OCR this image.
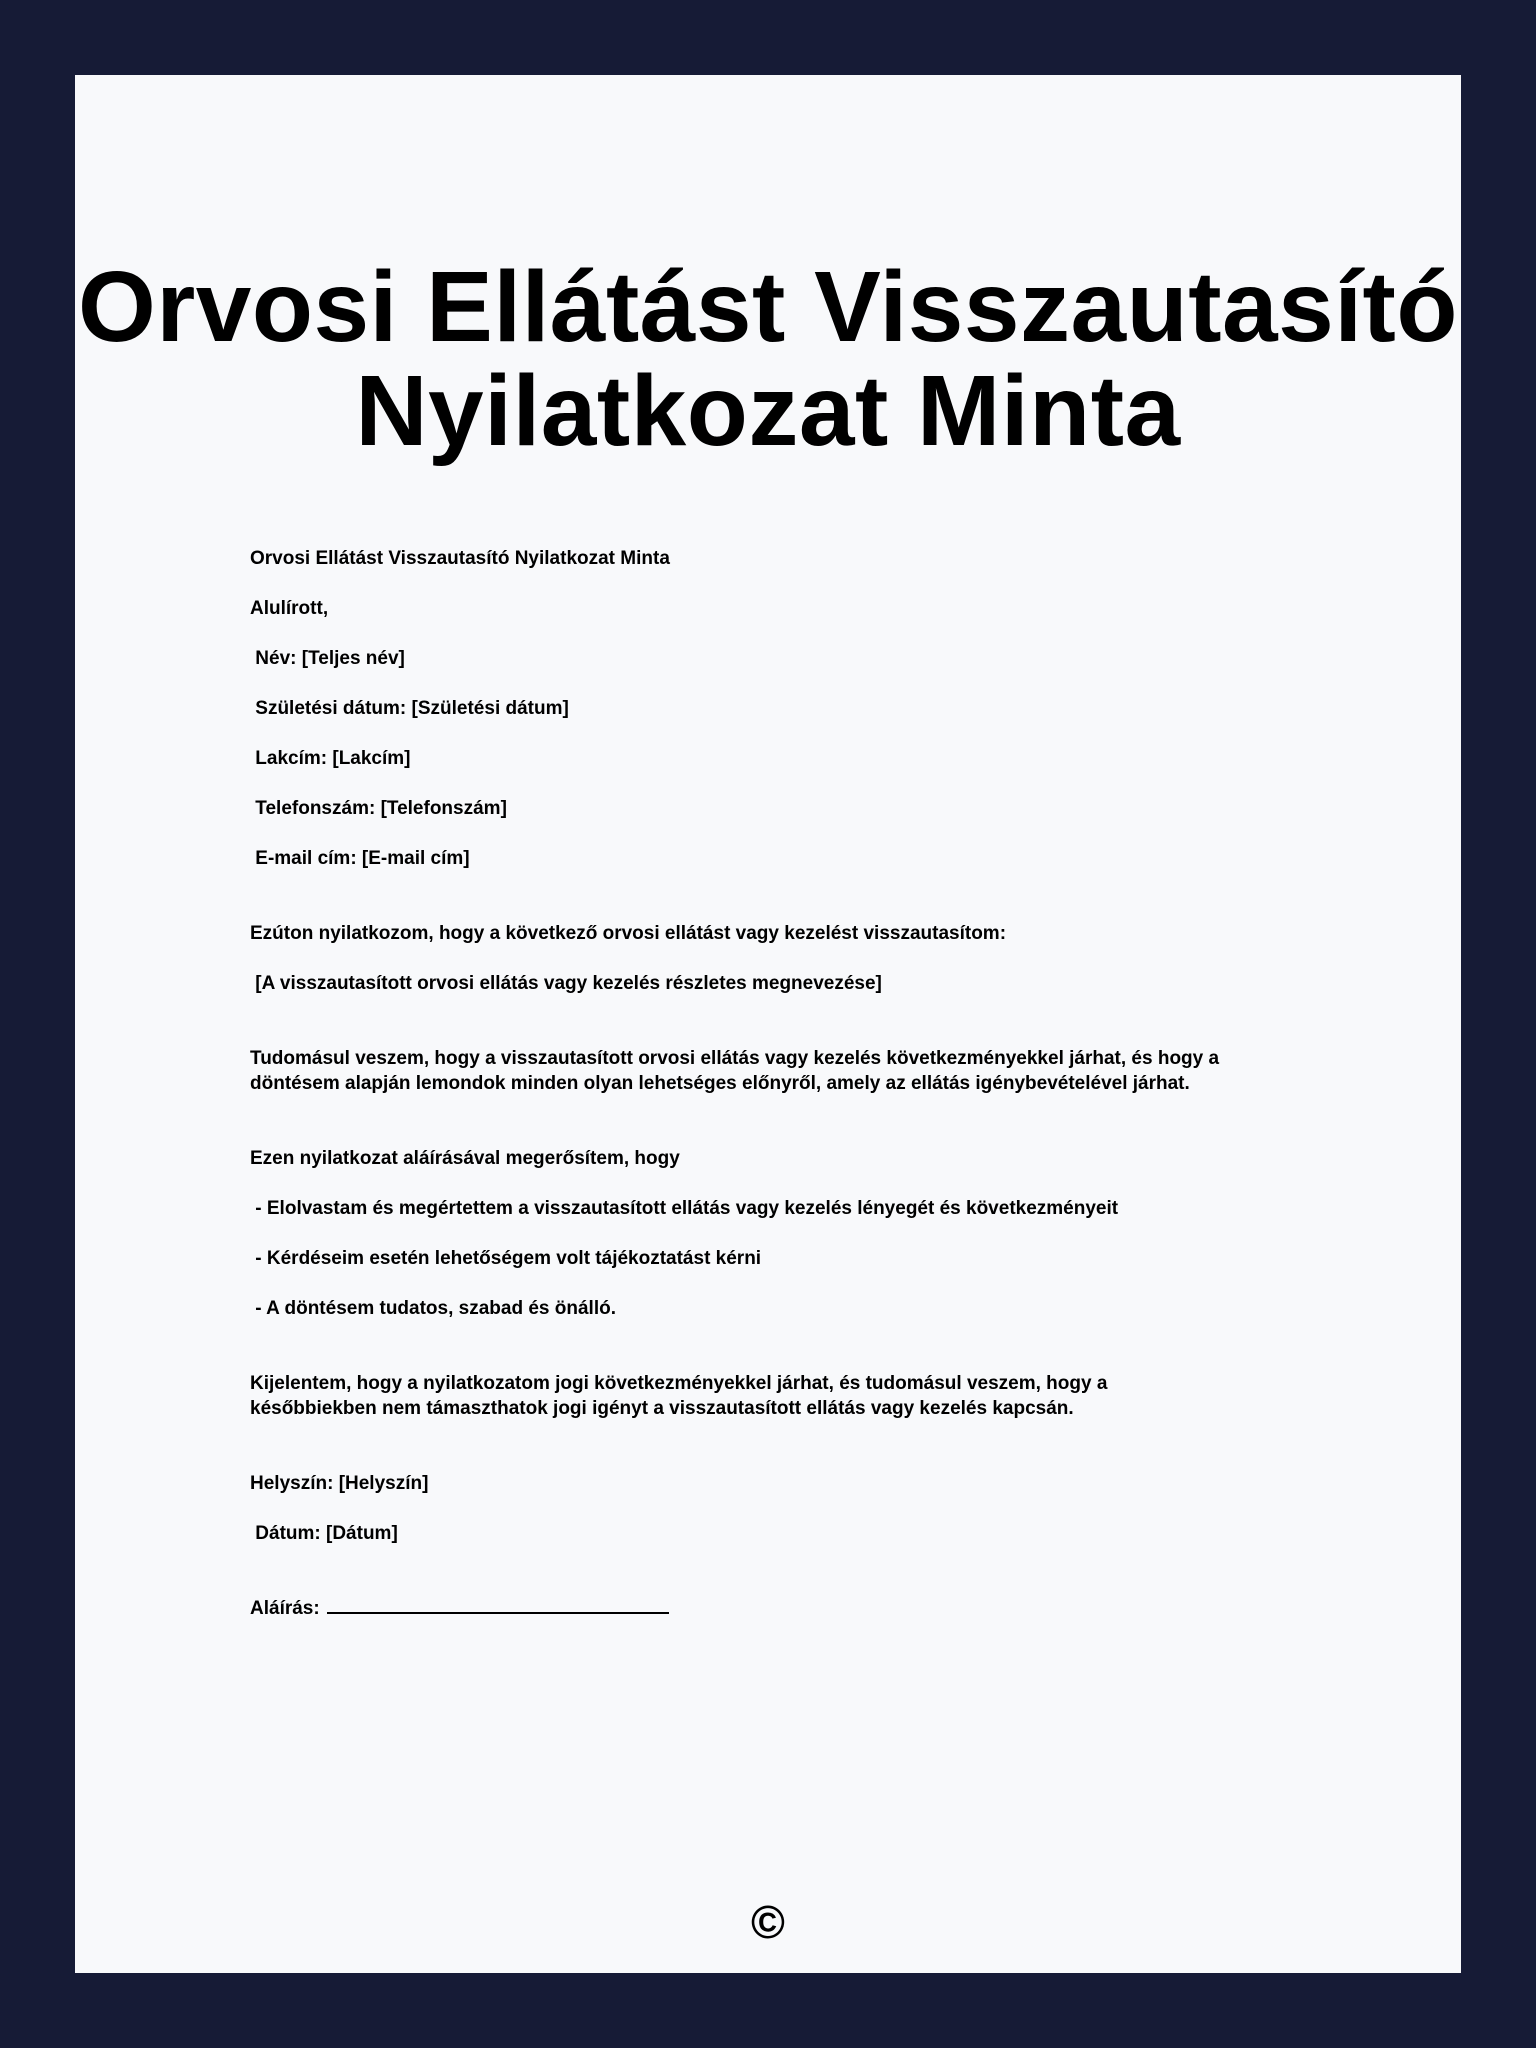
Orvosi Ellátást Visszautasító
Nyilatkozat Minta

Orvosi Ellátást Visszautasító Nyilatkozat Minta

Alulírott,

Név: [Teljes név]

Születési dátum: [Születési dátum]

Lakcím: [Lakcím]

Telefonszám: [Telefonszám]

E-mail cím: [E-mail cím]

Ezúton nyilatkozom, hogy a következő orvosi ellátást vagy kezelést visszautasítom:

[A visszautasított orvosi ellátás vagy kezelés részletes megnevezése]

Tudomásul veszem, hogy a visszautasított orvosi ellátás vagy kezelés következményekkel járhat, és hogy a

döntésem alapján lemondok minden olyan lehetséges előnyről, amely az ellátás igénybevételével járhat.

Ezen nyilatkozat aláírásával megerősítem, hogy

- Elolvastam és megértettem a visszautasított ellátás vagy kezelés lényegét és következményeit

- Kérdéseim esetén lehetőségem volt tájékoztatást kérni

- A döntésem tudatos, szabad és önálló.

Kijelentem, hogy a nyilatkozatom jogi következményekkel járhat, és tudomásul veszem, hogy a

későbbiekben nem támaszthatok jogi igényt a visszautasított ellátás vagy kezelés kapcsán.

Helyszín: [Helyszín]

Dátum: [Dátum]

Aláírás:

©
